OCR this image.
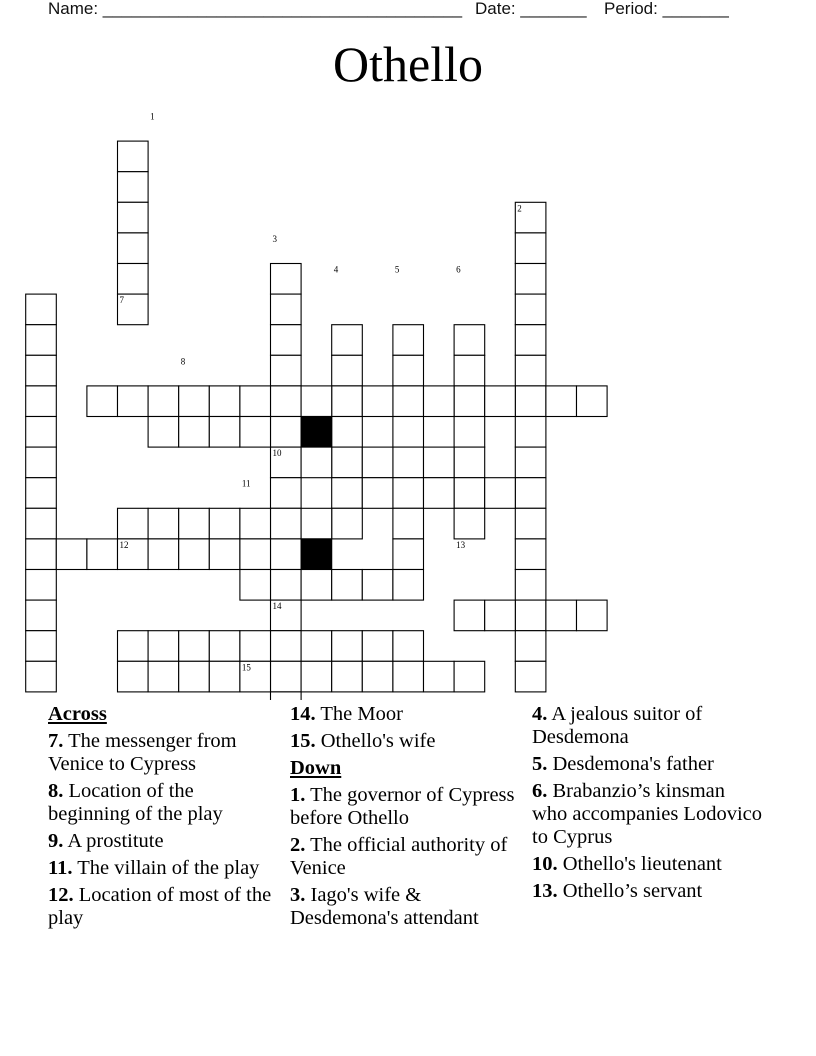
Name: ______________________________________ Date: _______ Period: _______
Othello
1
2
3
4	5	6
7
8
9
10
11
12	13
14
15
Across
7. The messenger from Venice to Cypress
8. Location of the beginning of the play
9. A prostitute
11. The villain of the play
12. Location of most of the play
14. The Moor
15. Othello's wife
Down
1. The governor of Cypress before Othello
2. The official authority of Venice
3. Iago's wife & Desdemona's attendant
4. A jealous suitor of Desdemona
5. Desdemona's father
6. Brabanzio’s kinsman who accompanies Lodovico to Cyprus
10. Othello's lieutenant
13. Othello’s servant
